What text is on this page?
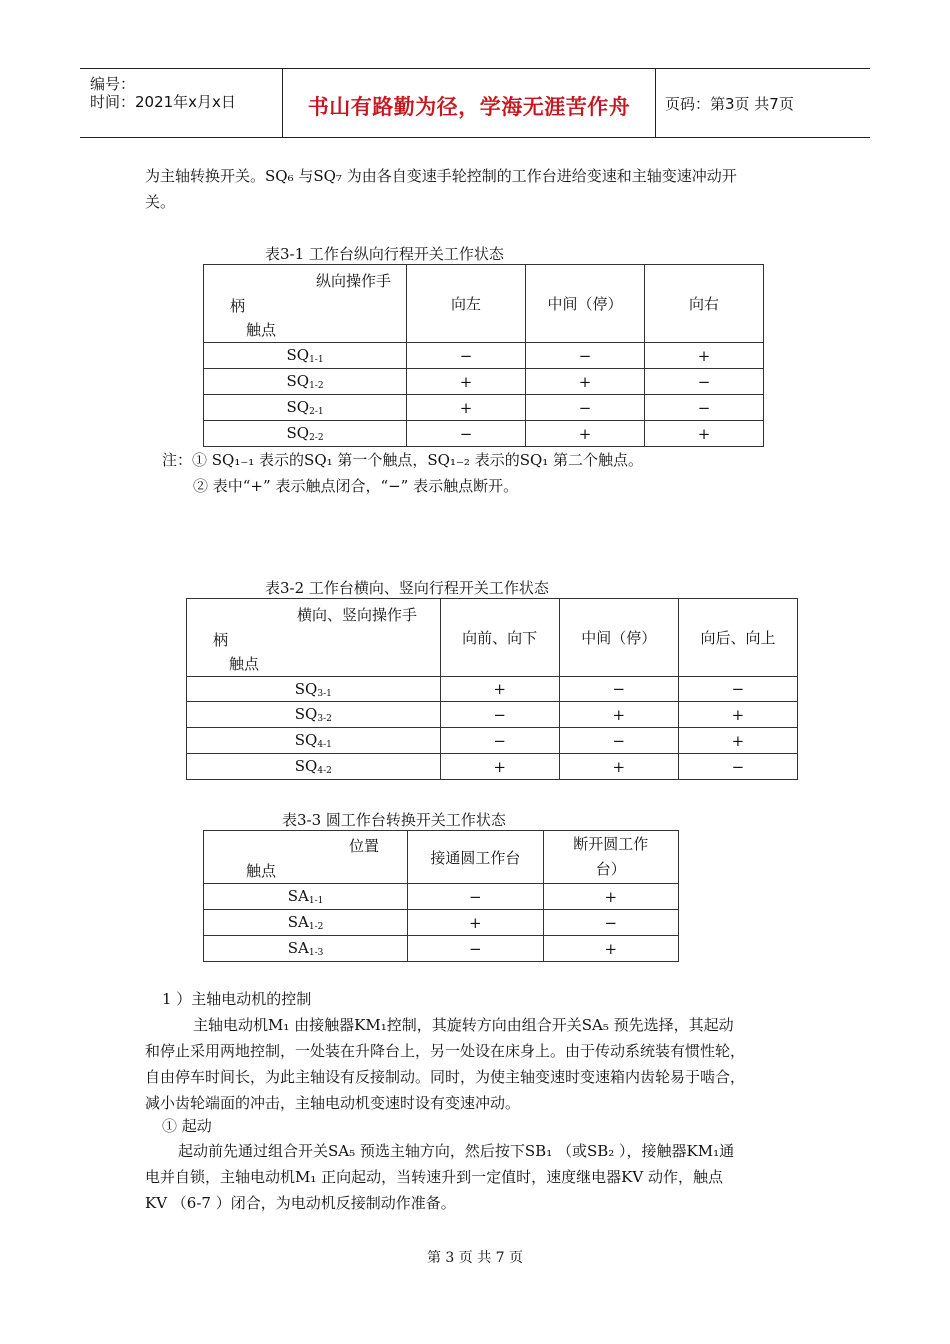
编号：
时间：2021年x月x日	书山有路勤为径，学海无涯苦作舟	页码：第3页 共7页
为主轴转换开关。SQ₆ 与SQ₇ 为由各自变速手轮控制的工作台进给变速和主轴变速冲动开
关。
表3-1 工作台纵向行程开关工作状态
纵向操作手
柄
触点	向左	中间（停）	向右
$SQ_{1-1}$	−	−	+
$SQ_{1-2}$	+	+	−
$SQ_{2-1}$	+	−	−
$SQ_{2-2}$	−	+	+
注：① SQ₁₋₁ 表示的SQ₁ 第一个触点，SQ₁₋₂ 表示的SQ₁ 第二个触点。
② 表中“+” 表示触点闭合，“−” 表示触点断开。
表3-2 工作台横向、竖向行程开关工作状态
横向、竖向操作手
柄
触点	向前、向下	中间（停）	向后、向上
$SQ_{3-1}$	+	−	−
$SQ_{3-2}$	−	+	+
$SQ_{4-1}$	−	−	+
$SQ_{4-2}$	+	+	−
表3-3 圆工作台转换开关工作状态
位置
触点	接通圆工作台	断开圆工作
台）
$SA_{1-1}$	−	+
$SA_{1-2}$	+	−
$SA_{1-3}$	−	+
1 ）主轴电动机的控制
主轴电动机M₁ 由接触器KM₁控制，其旋转方向由组合开关SA₅ 预先选择，其起动
和停止采用两地控制，一处装在升降台上，另一处设在床身上。由于传动系统装有惯性轮，
自由停车时间长，为此主轴设有反接制动。同时，为使主轴变速时变速箱内齿轮易于啮合，
减小齿轮端面的冲击，主轴电动机变速时设有变速冲动。
① 起动
起动前先通过组合开关SA₅ 预选主轴方向，然后按下SB₁ （或SB₂ ），接触器KM₁通
电并自锁，主轴电动机M₁ 正向起动，当转速升到一定值时，速度继电器KV 动作，触点
KV （6-7 ）闭合，为电动机反接制动作准备。
第 3 页 共 7 页
